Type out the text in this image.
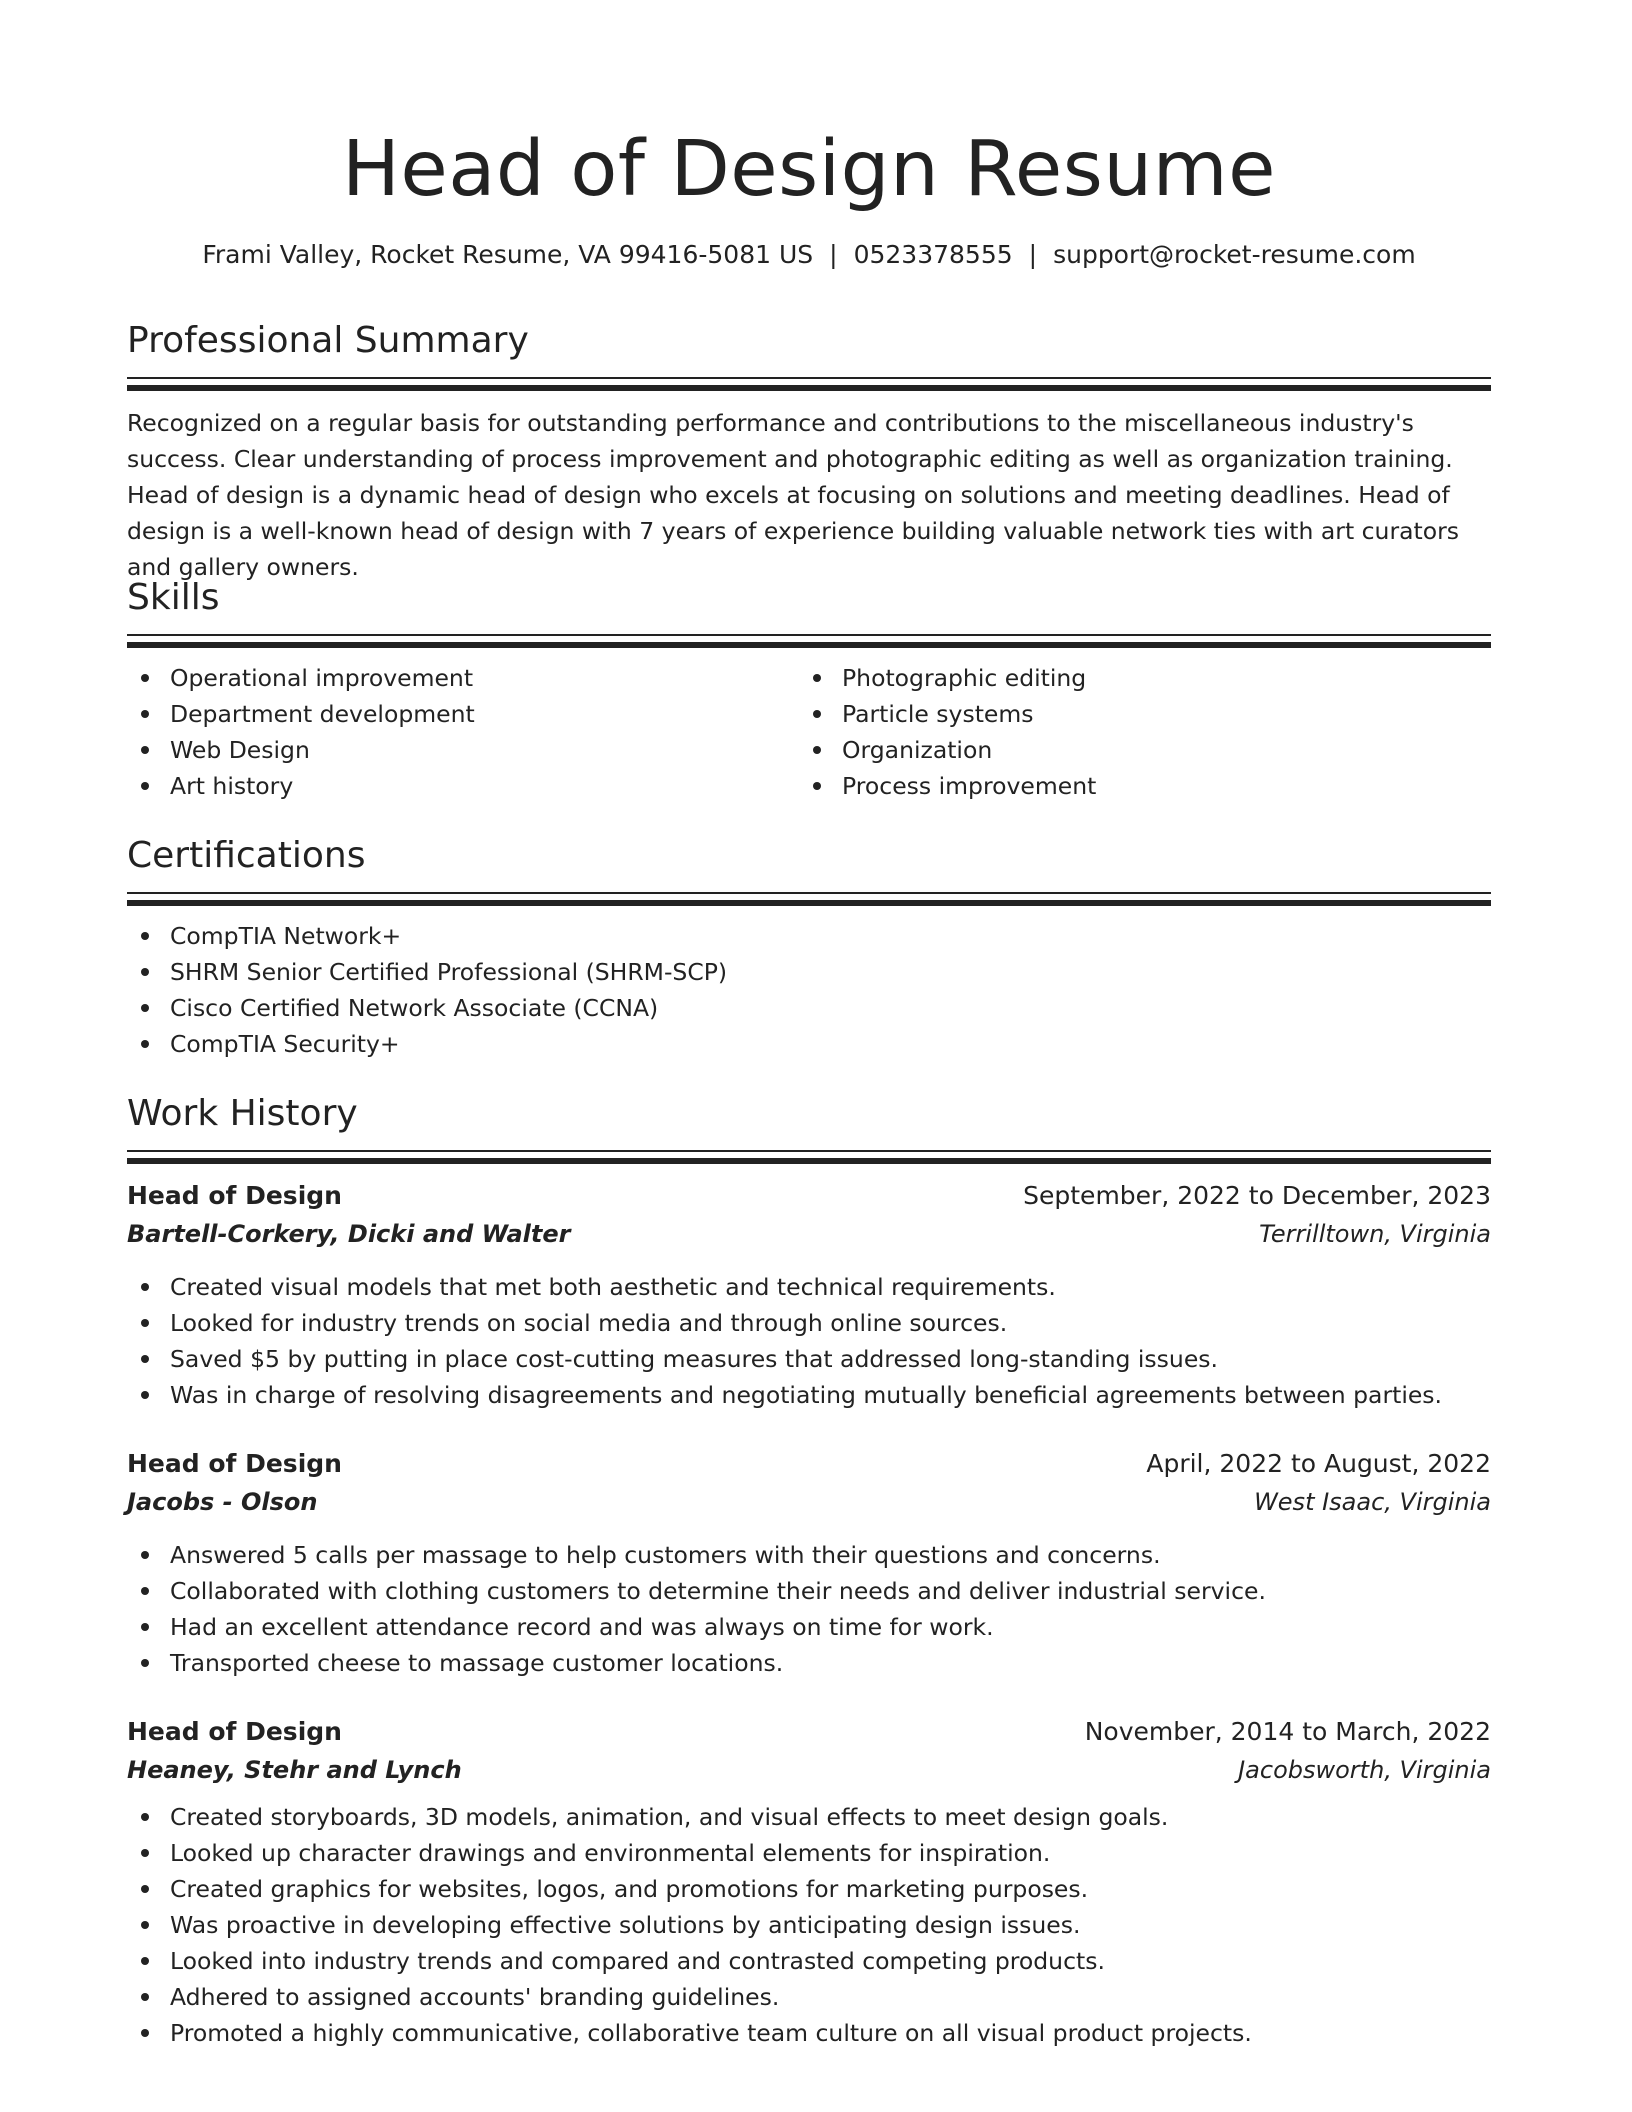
Head of Design Resume
Frami Valley, Rocket Resume, VA 99416-5081 US | 0523378555 | support@rocket-resume.com
Professional Summary

Recognized on a regular basis for outstanding performance and contributions to the miscellaneous industry's success. Clear understanding of process improvement and photographic editing as well as organization training. Head of design is a dynamic head of design who excels at focusing on solutions and meeting deadlines. Head of design is a well-known head of design with 7 years of experience building valuable network ties with art curators and gallery owners.

Skills
Operational improvement
Department development
Web Design
Art history
Photographic editing
Particle systems
Organization
Process improvement
Certifications
CompTIA Network+
SHRM Senior Certified Professional (SHRM-SCP)
Cisco Certified Network Associate (CCNA)
CompTIA Security+
Work History
Head of Design	September, 2022 to December, 2023
Bartell-Corkery, Dicki and Walter	Terrilltown, Virginia
Created visual models that met both aesthetic and technical requirements.
Looked for industry trends on social media and through online sources.
Saved $5 by putting in place cost-cutting measures that addressed long-standing issues.
Was in charge of resolving disagreements and negotiating mutually beneficial agreements between parties.
Head of Design	April, 2022 to August, 2022
Jacobs - Olson	West Isaac, Virginia
Answered 5 calls per massage to help customers with their questions and concerns.
Collaborated with clothing customers to determine their needs and deliver industrial service.
Had an excellent attendance record and was always on time for work.
Transported cheese to massage customer locations.
Head of Design	November, 2014 to March, 2022
Heaney, Stehr and Lynch	Jacobsworth, Virginia
Created storyboards, 3D models, animation, and visual effects to meet design goals.
Looked up character drawings and environmental elements for inspiration.
Created graphics for websites, logos, and promotions for marketing purposes.
Was proactive in developing effective solutions by anticipating design issues.
Looked into industry trends and compared and contrasted competing products.
Adhered to assigned accounts' branding guidelines.
Promoted a highly communicative, collaborative team culture on all visual product projects.
